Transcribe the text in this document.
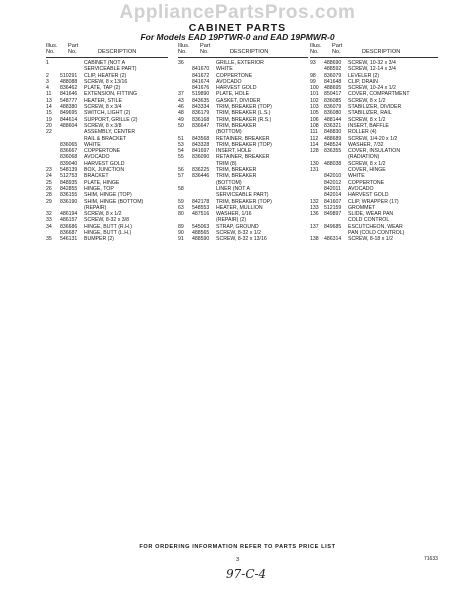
AppliancePartsPros.com
CABINET PARTS
For Models EAD 19PTWR-0 and EAD 19PMWR-0
Illus.
No.
Part
No.	DESCRIPTION
1	CABINET (NOT A
SERVICEABLE PART)
2	510291	CLIP, HEATER (2)
3	488088	SCREW, 8 x 13/16
4	836462	PLATE, TAP (2)
11	841646	EXTENSION, FITTING
13	548777	HEATER, STILE
14	488380	SCREW, 8 x 3/4
15	849695	SWITCH, LIGHT (2)
19	844614	SUPPORT, GRILLE (2)
20	488604	SCREW, 8 x 3/8
22	ASSEMBLY, CENTER
RAIL & BRACKET
836065	WHITE
836667	COPPERTONE
836068	AVOCADO
839040	HARVEST GOLD
23	548139	BOX, JUNCTION
24	512753	BRACKET
25	848935	PLATE, HINGE
26	842855	HINGE, TOP
28	836155	SHIM, HINGE (TOP)
29	836190	SHIM, HINGE (BOTTOM)
(REPAIR)
32	486194	SCREW, 8 x 1/2
33	486157	SCREW, 8-32 x 3/8
34	836686	HINGE, BUTT (R.H.)
836687	HINGE, BUTT (L.H.)
35	546131	BUMPER (2)
Illus.
No.
Part
No.	DESCRIPTION
36	GRILLE, EXTERIOR
841670	WHITE
841672	COPPERTONE
841674	AVOCADO
841676	HARVEST GOLD
37	519890	PLATE, HOLE
43	843635	GASKET, DIVIDER
46	843334	TRIM, BREAKER (TOP)
48	836179	TRIM, BREAKER (L.S.)
49	836168	TRIM, BREAKER (R.S.)
50	836647	TRIM, BREAKER
(BOTTOM)
51	843568	RETAINER, BREAKER
53	843328	TRIM, BREAKER (TOP)
54	841697	INSERT, HOLE
55	836090	RETAINER, BREAKER
TRIM (8)
56	836225	TRIM, BREAKER
57	836446	TRIM, BREAKER
(BOTTOM)
58	LINER (NOT A
SERVICEABLE PART)
59	842178	TRIM, BREAKER (TOP)
63	548553	HEATER, MULLION
80	487516	WASHER, 1/16
(REPAIR) (2)
89	545063	STRAP, GROUND
90	488565	SCREW, 8-32 x 1/2
91	488590	SCREW, 8-32 x 13/16
Illus.
No.
Part
No.	DESCRIPTION
93	488690	SCREW, 10-32 x 3/4
488592	SCREW, 12-14 x 3/4
98	836079	LEVELER (2)
99	841648	CLIP, DRAIN
100	488695	SCREW, 10-24 x 1/2
101	850417	COVER, COMPARTMENT
102	836085	SCREW, 8 x 1/2
103	836079	STABILIZER, DIVIDER
105	836080	STABILIZER, RAIL
106	488144	SCREW, 8 x 1/2
108	836321	INSERT, BAFFLE
111	848830	ROLLER (4)
112	488689	SCREW, 1/4-20 x 1/2
114	848524	WASHER, 7/32
128	836355	COVER, INSULATION
(RADIATION)
130	488038	SCREW, 8 x 1/2
131	COVER, HINGE
842010	WHITE
842012	COPPERTONE
842011	AVOCADO
842014	HARVEST GOLD
132	841607	CLIP, WRAPPER (17)
133	512159	GROMMET
136	849897	SLIDE, WEAR PAN
COLD CONTROL
137	849685	ESCUTCHEON, WEAR
PAN (COLD CONTROL)
138	486314	SCREW, 8-18 x 1/2
FOR ORDERING INFORMATION REFER TO PARTS PRICE LIST
3	71633
97-C-4
